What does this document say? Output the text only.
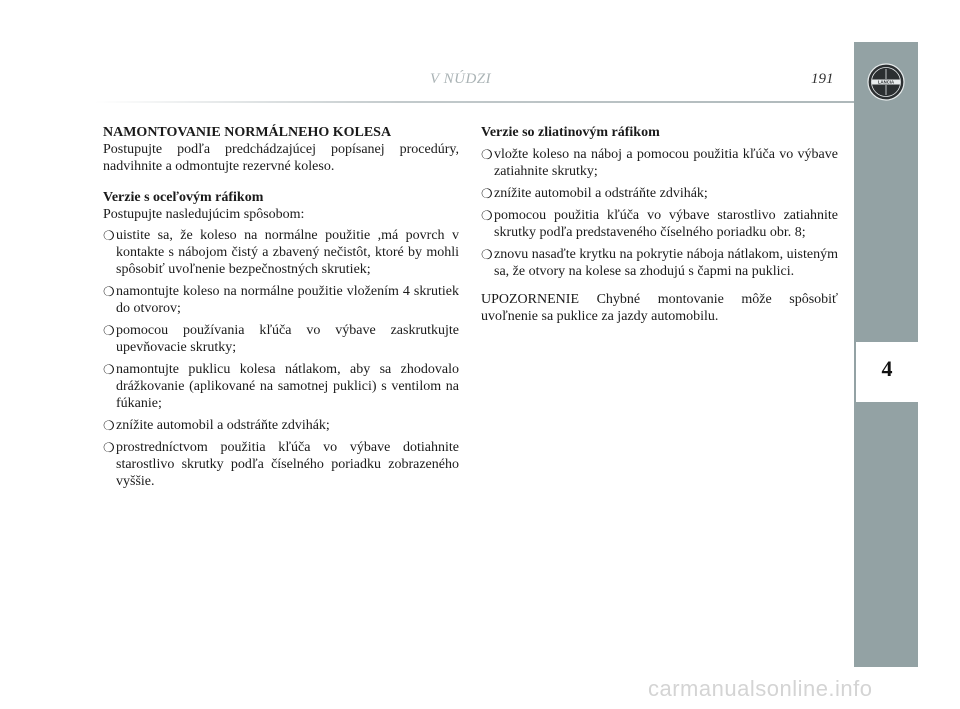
V NÚDZI	191	LANCIA
4

NAMONTOVANIE NORMÁLNEHO KOLESA

Postupujte podľa predchádzajúcej popísanej procedúry, nadvihnite a odmontujte rezervné koleso.

Verzie s oceľovým ráfikom

Postupujte nasledujúcim spôsobom:

❍ uistite sa, že koleso na normálne použitie ,má povrch v kontakte s nábojom čistý a zbavený nečistôt, ktoré by mohli spôsobiť uvoľnenie bezpečnostných skrutiek;
❍ namontujte koleso na normálne použitie vložením 4 skrutiek do otvorov;
❍ pomocou používania kľúča vo výbave zaskrutkujte upevňovacie skrutky;
❍ namontujte puklicu kolesa nátlakom, aby sa zhodovalo drážkovanie (aplikované na samotnej puklici) s ventilom na fúkanie;
❍ znížite automobil a odstráňte zdvihák;
❍ prostredníctvom použitia kľúča vo výbave dotiahnite starostlivo skrutky podľa číselného poriadku zobrazeného vyššie.

Verzie so zliatinovým ráfikom

❍ vložte koleso na náboj a pomocou použitia kľúča vo výbave zatiahnite skrutky;
❍ znížite automobil a odstráňte zdvihák;
❍ pomocou použitia kľúča vo výbave starostlivo zatiahnite skrutky podľa predstaveného číselného poriadku obr. 8;
❍ znovu nasaďte krytku na pokrytie náboja nátlakom, uisteným sa, že otvory na kolese sa zhodujú s čapmi na puklici.

UPOZORNENIE Chybné montovanie môže spôsobiť uvoľnenie sa puklice za jazdy automobilu.

carmanualsonline.info
